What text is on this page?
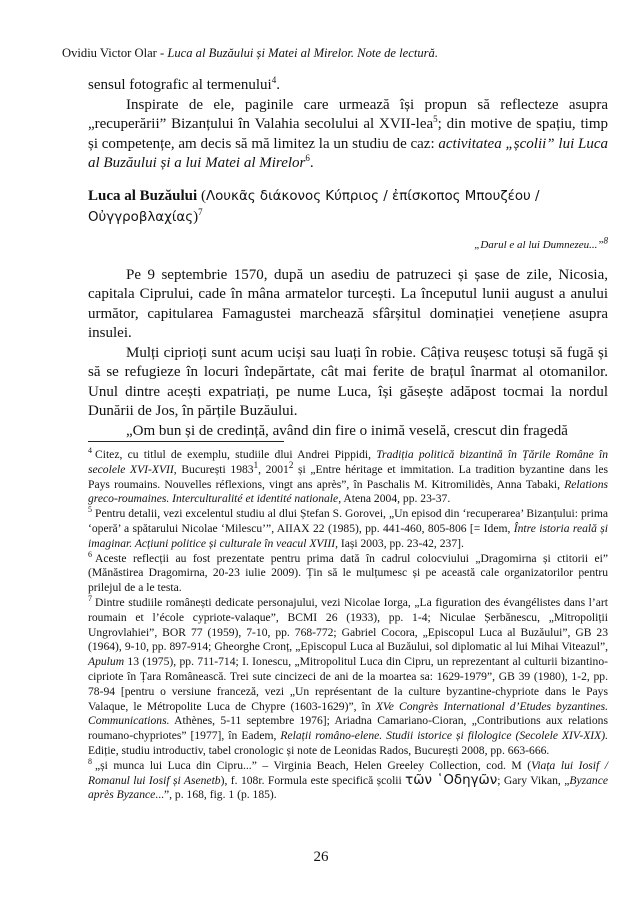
Ovidiu Victor Olar - Luca al Buzăului și Matei al Mirelor. Note de lectură.

sensul fotografic al termenului$^4$.

Inspirate de ele, paginile care urmează își propun să reflecteze asupra „recuperării” Bizanțului în Valahia secolului al XVII-lea$^5$; din motive de spațiu, timp și competențe, am decis să mă limitez la un studiu de caz: activitatea „școlii” lui Luca al Buzăului și a lui Matei al Mirelor$^6$.

Luca al Buzăului (Λουκᾶς διάκονος Κύπριος / ἐπίσκοπος Μπουζέου / Οὐγγροβλαχίας)$^7$

„Darul e al lui Dumnezeu...”$^8$

Pe 9 septembrie 1570, după un asediu de patruzeci și șase de zile, Nicosia, capitala Ciprului, cade în mâna armatelor turcești. La începutul lunii august a anului următor, capitularea Famagustei marchează sfârșitul dominației venețiene asupra insulei.

Mulți ciprioți sunt acum uciși sau luați în robie. Câțiva reușesc totuși să fugă și să se refugieze în locuri îndepărtate, cât mai ferite de brațul înarmat al otomanilor. Unul dintre acești expatriați, pe nume Luca, își găsește adăpost tocmai la nordul Dunării de Jos, în părțile Buzăului.

„Om bun și de credință, având din fire o inimă veselă, crescut din fragedă

$^4$ Citez, cu titlul de exemplu, studiile dlui Andrei Pippidi, Tradiția politică bizantină în Țările Române în secolele XVI-XVII, București 1983$^1$, 2001$^2$ și „Entre héritage et immitation. La tradition byzantine dans les Pays roumains. Nouvelles réflexions, vingt ans après”, în Paschalis M. Kitromilidès, Anna Tabaki, Relations greco-roumaines. Interculturalité et identité nationale, Atena 2004, pp. 23-37.

$^5$ Pentru detalii, vezi excelentul studiu al dlui Ștefan S. Gorovei, „Un episod din ‘recuperarea’ Bizanțului: prima ‘operă’ a spătarului Nicolae ‘Milescu’”, AIIAX 22 (1985), pp. 441-460, 805-806 [= Idem, Între istoria reală și imaginar. Acțiuni politice și culturale în veacul XVIII, Iași 2003, pp. 23-42, 237].

$^6$ Aceste reflecții au fost prezentate pentru prima dată în cadrul colocviului „Dragomirna și ctitorii ei” (Mănăstirea Dragomirna, 20-23 iulie 2009). Țin să le mulțumesc și pe această cale organizatorilor pentru prilejul de a le testa.

$^7$ Dintre studiile românești dedicate personajului, vezi Nicolae Iorga, „La figuration des évangélistes dans l’art roumain et l’école cypriote-valaque”, BCMI 26 (1933), pp. 1-4; Niculae Șerbănescu, „Mitropoliții Ungrovlahiei”, BOR 77 (1959), 7-10, pp. 768-772; Gabriel Cocora, „Episcopul Luca al Buzăului”, GB 23 (1964), 9-10, pp. 897-914; Gheorghe Cronț, „Episcopul Luca al Buzăului, sol diplomatic al lui Mihai Viteazul”, Apulum 13 (1975), pp. 711-714; I. Ionescu, „Mitropolitul Luca din Cipru, un reprezentant al culturii bizantino-cipriote în Țara Românească. Trei sute cincizeci de ani de la moartea sa: 1629-1979”, GB 39 (1980), 1-2, pp. 78-94 [pentru o versiune franceză, vezi „Un représentant de la culture byzantine-chypriote dans le Pays Valaque, le Métropolite Luca de Chypre (1603-1629)”, în XVe Congrès International d’Etudes byzantines. Communications. Athènes, 5-11 septembre 1976]; Ariadna Camariano-Cioran, „Contributions aux relations roumano-chypriotes” [1977], în Eadem, Relații româno-elene. Studii istorice și filologice (Secolele XIV-XIX). Ediție, studiu introductiv, tabel cronologic și note de Leonidas Rados, București 2008, pp. 663-666.

$^8$ „și munca lui Luca din Cipru...” – Virginia Beach, Helen Greeley Collection, cod. M (Viața lui Iosif / Romanul lui Iosif și Asenetb), f. 108r. Formula este specifică școlii τῶν ῾Οδηγῶν; Gary Vikan, „Byzance après Byzance...”, p. 168, fig. 1 (p. 185).

26
